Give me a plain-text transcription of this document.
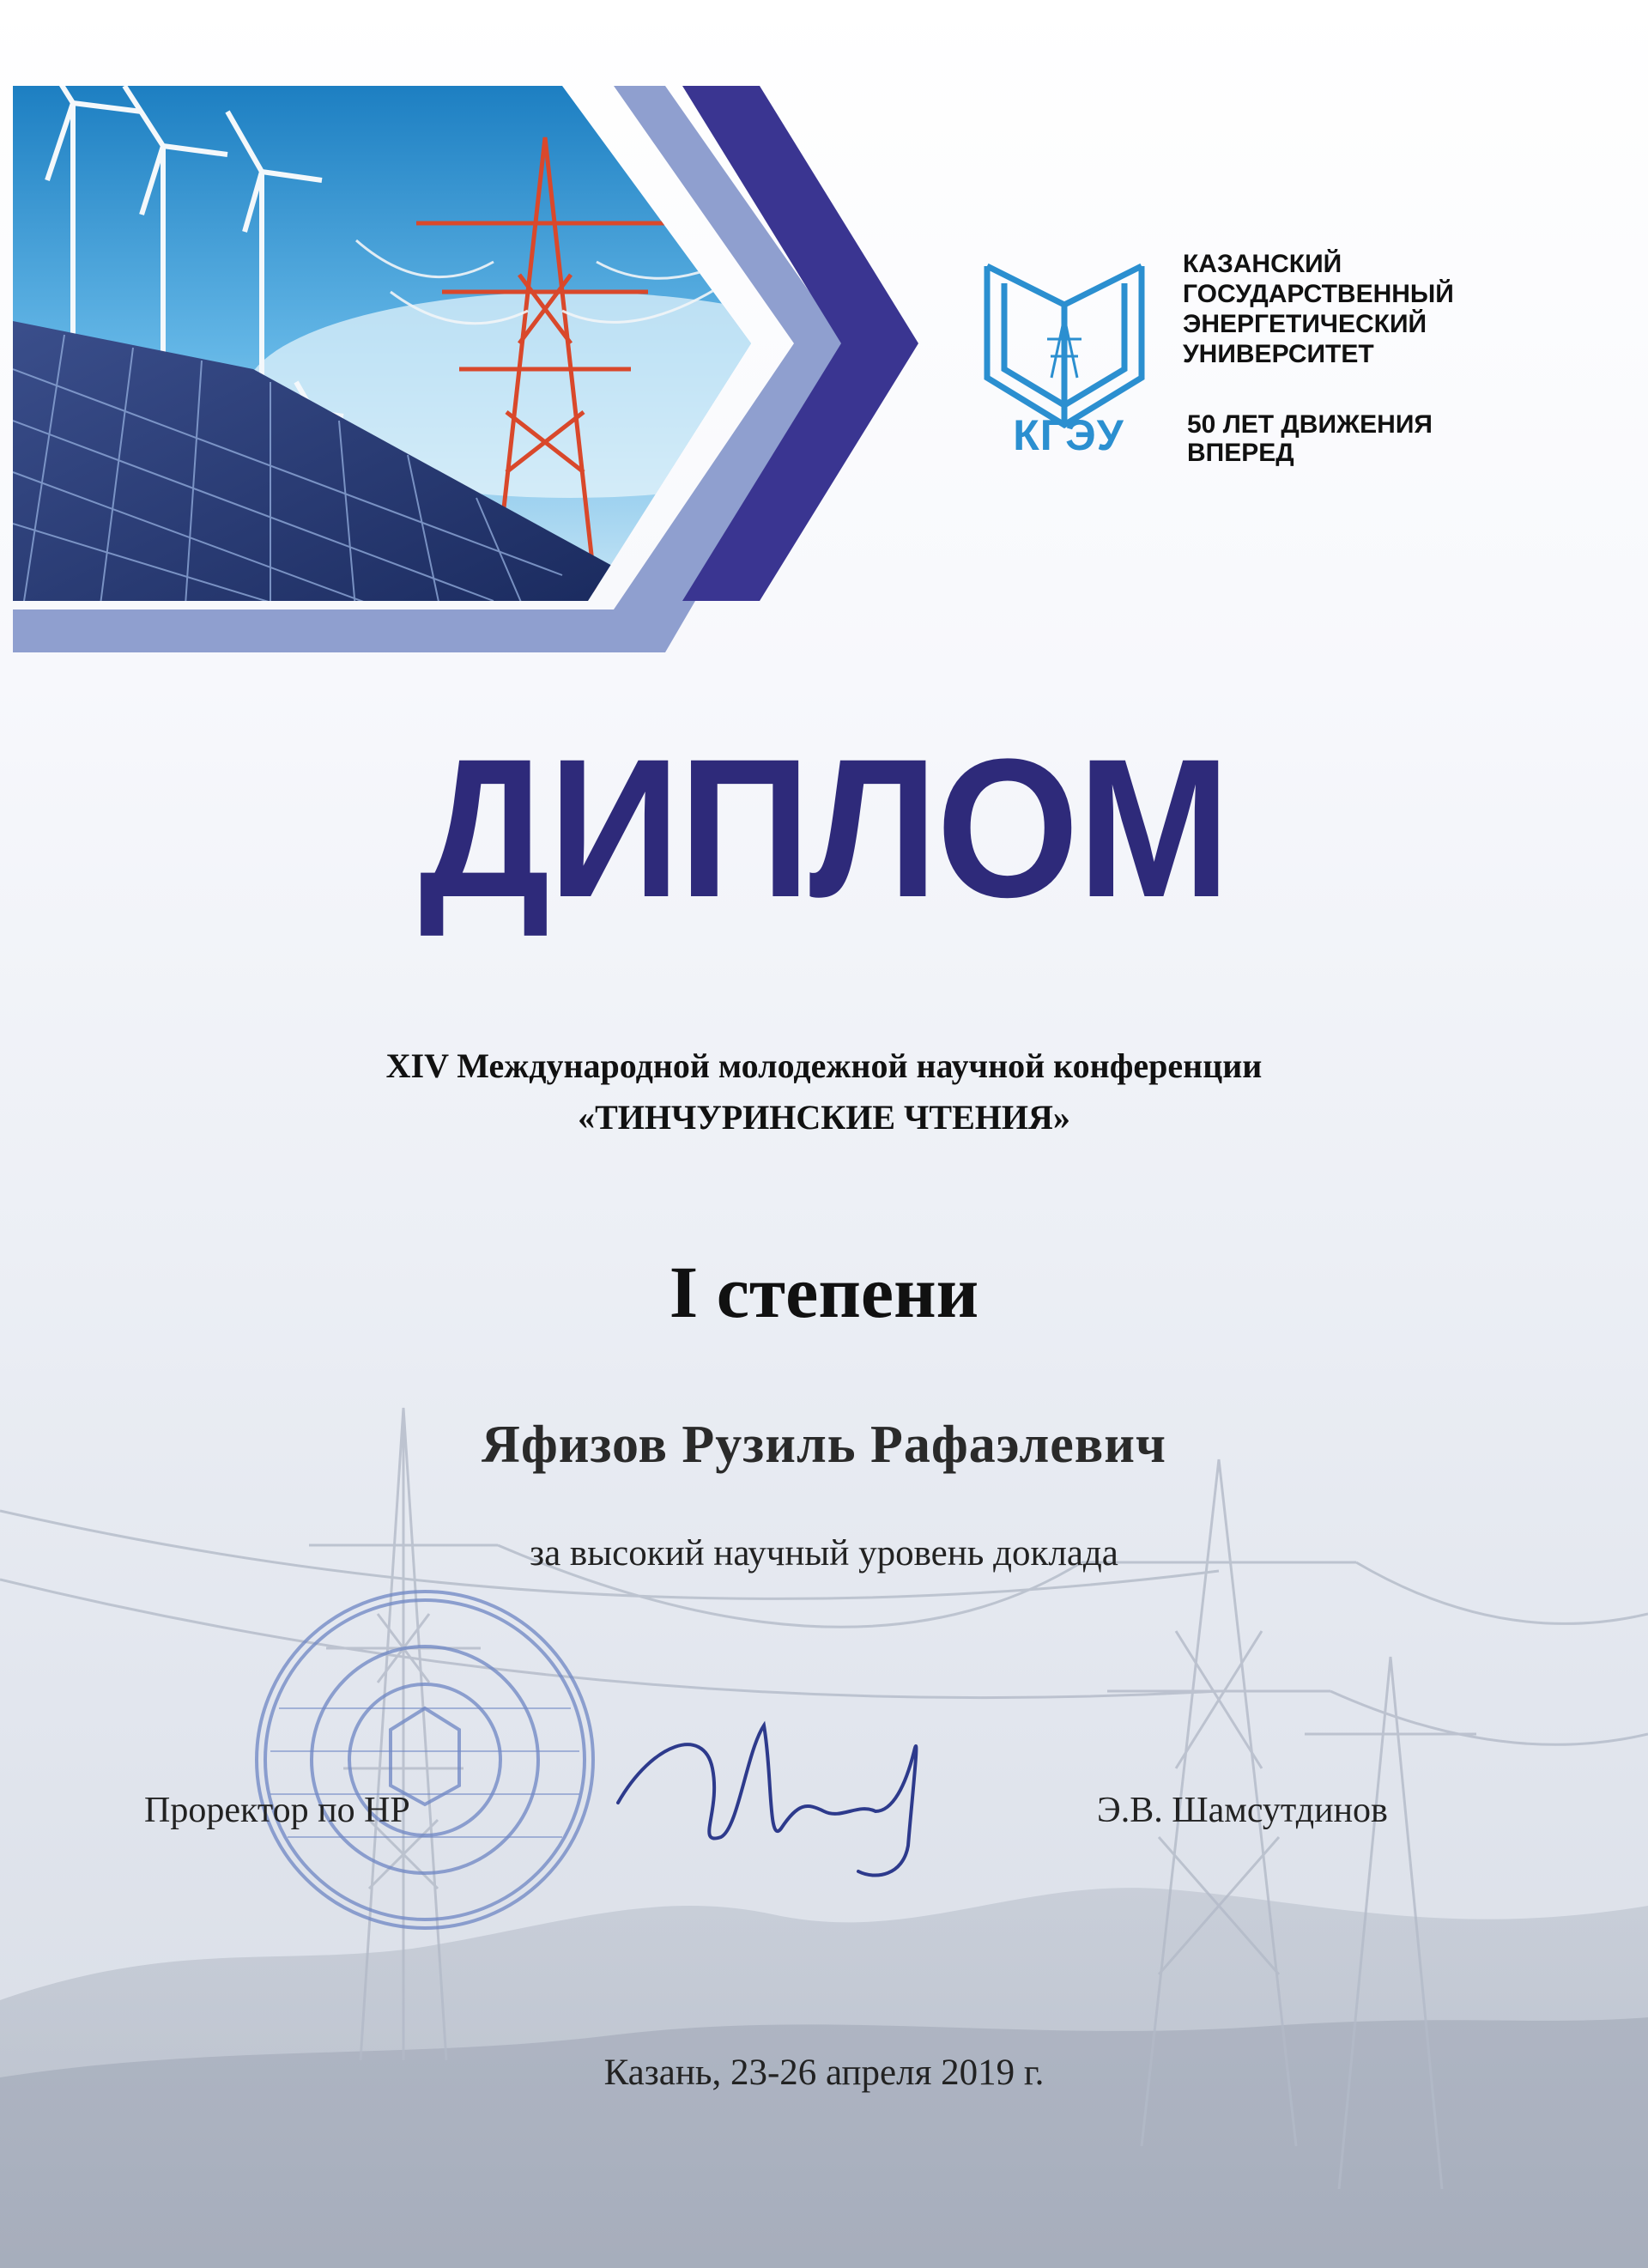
КГЭУ
КАЗАНСКИЙ
ГОСУДАРСТВЕННЫЙ
ЭНЕРГЕТИЧЕСКИЙ
УНИВЕРСИТЕТ
50 ЛЕТ ДВИЖЕНИЯ
ВПЕРЕД
ДИПЛОМ
XIV Международной молодежной научной конференции
«ТИНЧУРИНСКИЕ ЧТЕНИЯ»
I степени
Яфизов Рузиль Рафаэлевич
за высокий научный уровень доклада
Проректор по НР	Э.В. Шамсутдинов
Казань, 23-26 апреля 2019 г.
